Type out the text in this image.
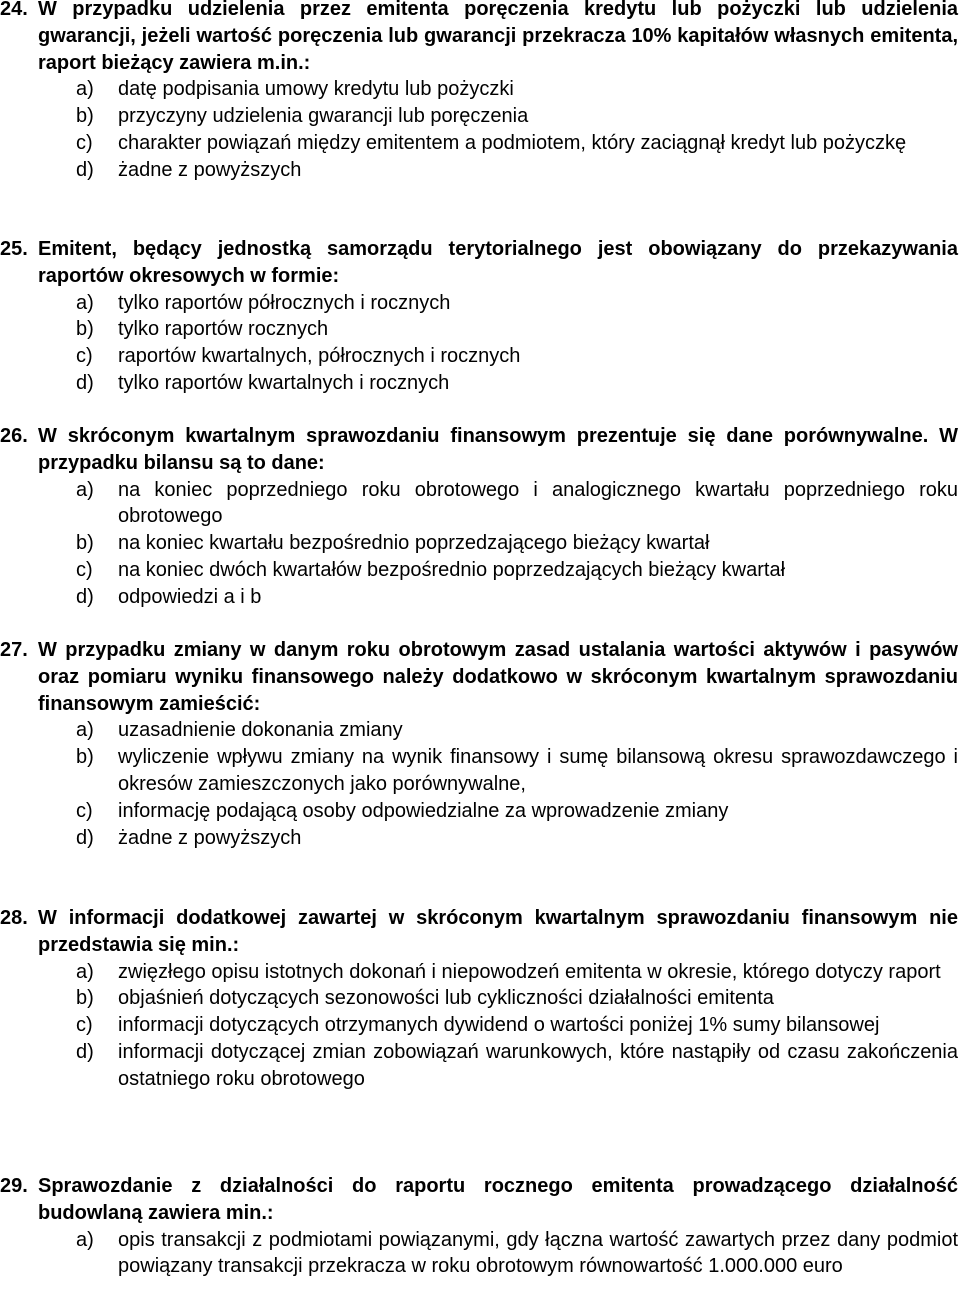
24. W przypadku udzielenia przez emitenta poręczenia kredytu lub pożyczki lub udzielenia gwarancji, jeżeli wartość poręczenia lub gwarancji przekracza 10% kapitałów własnych emitenta, raport bieżący zawiera m.in.:
a) datę podpisania umowy kredytu lub pożyczki
b) przyczyny udzielenia gwarancji lub poręczenia
c) charakter powiązań między emitentem a podmiotem, który zaciągnął kredyt lub pożyczkę
d) żadne z powyższych
25. Emitent, będący jednostką samorządu terytorialnego jest obowiązany do przekazywania raportów okresowych w formie:
a) tylko raportów półrocznych i rocznych
b) tylko raportów rocznych
c) raportów kwartalnych, półrocznych i rocznych
d) tylko raportów kwartalnych i rocznych
26. W skróconym kwartalnym sprawozdaniu finansowym prezentuje się dane porównywalne. W przypadku bilansu są to dane:
a) na koniec poprzedniego roku obrotowego i analogicznego kwartału poprzedniego roku obrotowego
b) na koniec kwartału bezpośrednio poprzedzającego bieżący kwartał
c) na koniec dwóch kwartałów bezpośrednio poprzedzających bieżący kwartał
d) odpowiedzi a i b
27. W przypadku zmiany w danym roku obrotowym zasad ustalania wartości aktywów i pasywów oraz pomiaru wyniku finansowego należy dodatkowo w skróconym kwartalnym sprawozdaniu finansowym zamieścić:
a) uzasadnienie dokonania zmiany
b) wyliczenie wpływu zmiany na wynik finansowy i sumę bilansową okresu sprawozdawczego i okresów zamieszczonych jako porównywalne,
c) informację podającą osoby odpowiedzialne za wprowadzenie zmiany
d) żadne z powyższych
28. W informacji dodatkowej zawartej w skróconym kwartalnym sprawozdaniu finansowym nie przedstawia się min.:
a) zwięzłego opisu istotnych dokonań i niepowodzeń emitenta w okresie, którego dotyczy raport
b) objaśnień dotyczących sezonowości lub cykliczności działalności emitenta
c) informacji dotyczących otrzymanych dywidend o wartości poniżej 1% sumy bilansowej
d) informacji dotyczącej zmian zobowiązań warunkowych, które nastąpiły od czasu zakończenia ostatniego roku obrotowego
29. Sprawozdanie z działalności do raportu rocznego emitenta prowadzącego działalność budowlaną zawiera min.:
a) opis transakcji z podmiotami powiązanymi, gdy łączna wartość zawartych przez dany podmiot powiązany transakcji przekracza w roku obrotowym równowartość 1.000.000 euro
